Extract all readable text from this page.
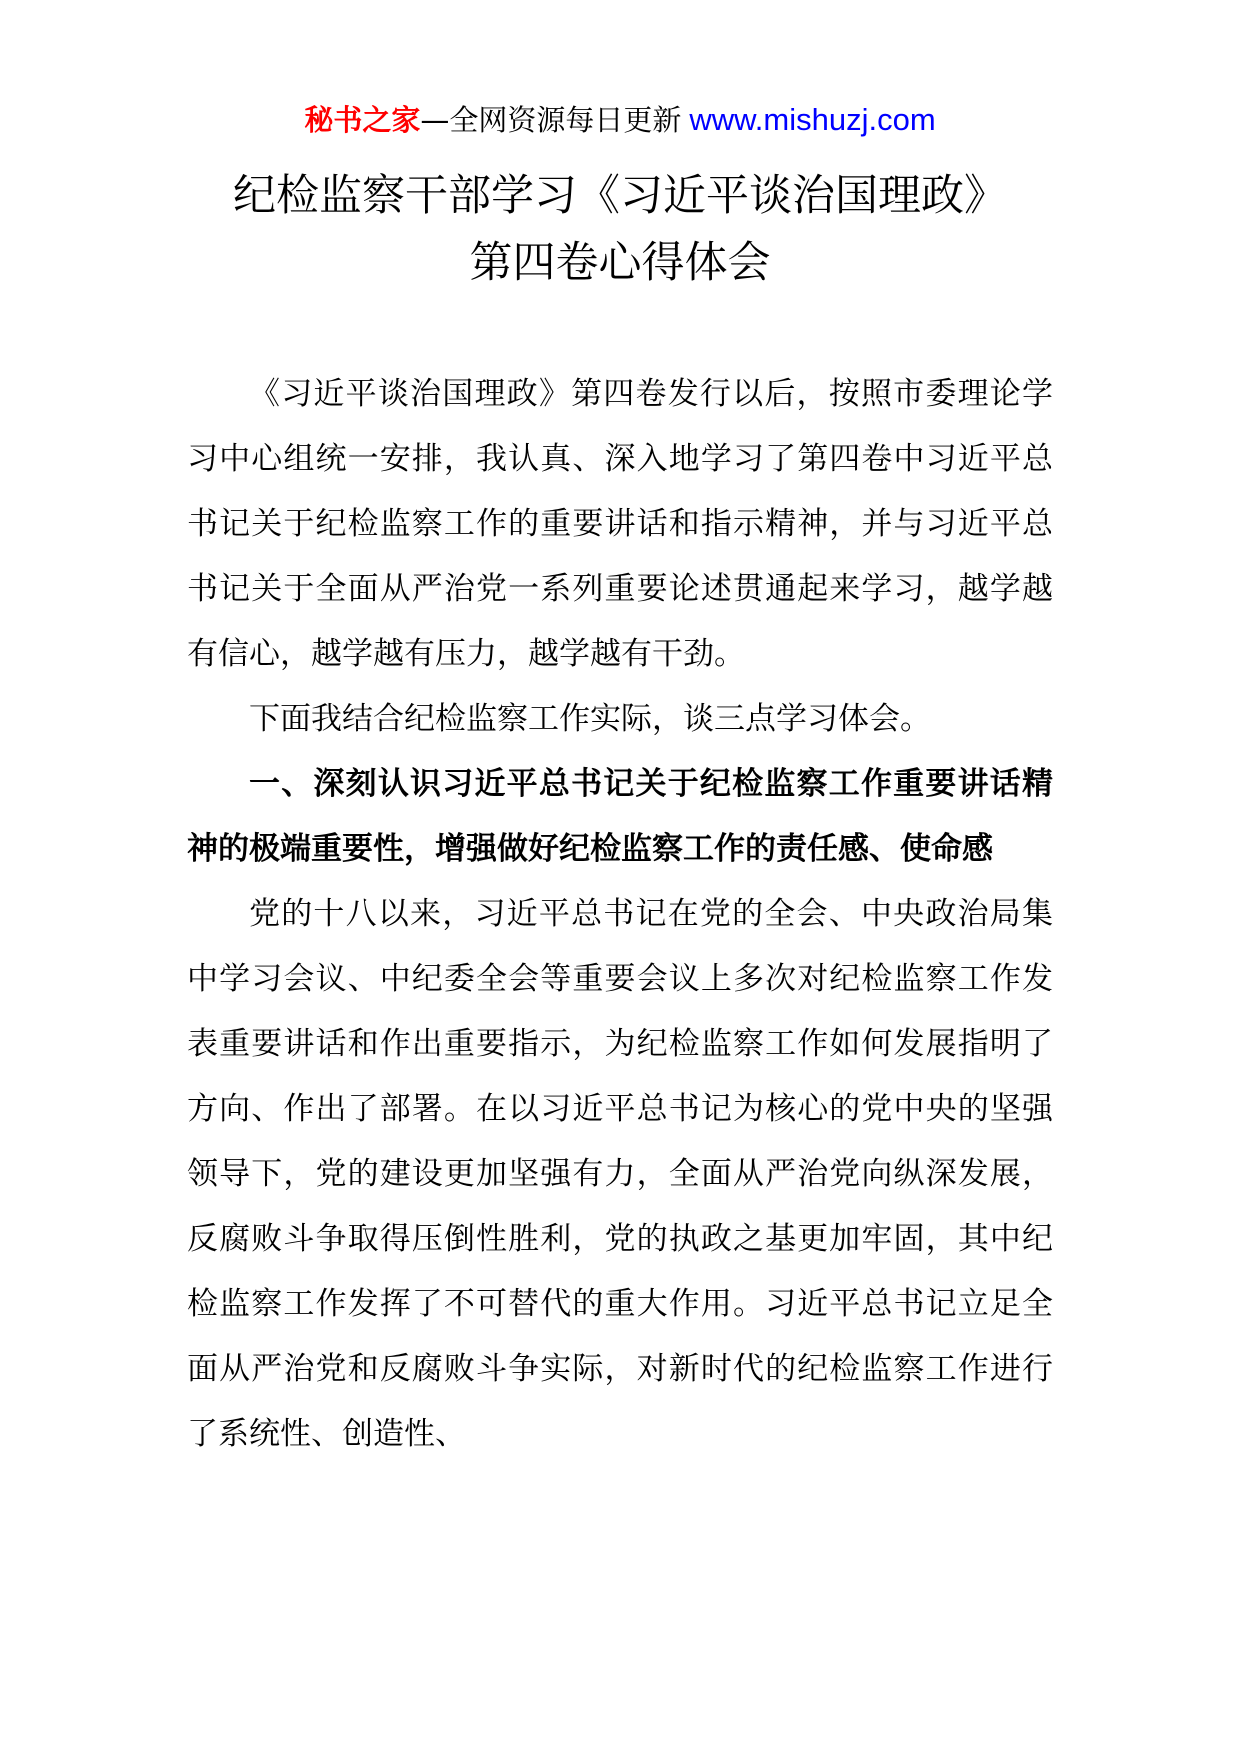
秘书之家—全网资源每日更新 www.mishuzj.com
纪检监察干部学习《习近平谈治国理政》
第四卷心得体会

《习近平谈治国理政》第四卷发行以后，按照市委理论学习中心组统一安排，我认真、深入地学习了第四卷中习近平总书记关于纪检监察工作的重要讲话和指示精神，并与习近平总书记关于全面从严治党一系列重要论述贯通起来学习，越学越有信心，越学越有压力，越学越有干劲。

下面我结合纪检监察工作实际，谈三点学习体会。

一、深刻认识习近平总书记关于纪检监察工作重要讲话精神的极端重要性，增强做好纪检监察工作的责任感、使命感

党的十八以来，习近平总书记在党的全会、中央政治局集中学习会议、中纪委全会等重要会议上多次对纪检监察工作发表重要讲话和作出重要指示，为纪检监察工作如何发展指明了方向、作出了部署。在以习近平总书记为核心的党中央的坚强领导下，党的建设更加坚强有力，全面从严治党向纵深发展，反腐败斗争取得压倒性胜利，党的执政之基更加牢固，其中纪检监察工作发挥了不可替代的重大作用。习近平总书记立足全面从严治党和反腐败斗争实际，对新时代的纪检监察工作进行了系统性、创造性、
